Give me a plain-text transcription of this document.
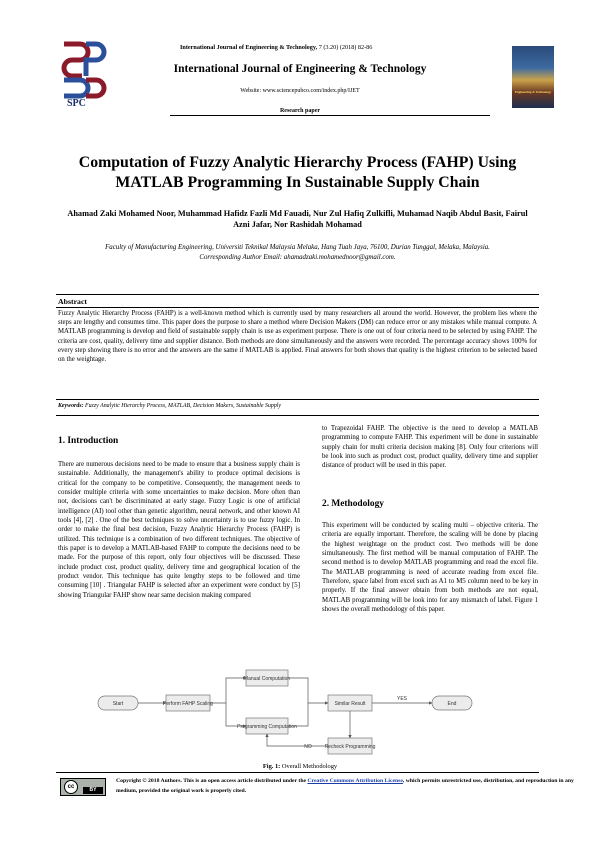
SPC
International Journal of Engineering & Technology, 7 (3.20) (2018) 82-86
International Journal of Engineering & Technology
Website: www.sciencepubco.com/index.php/IJET
Research paper
Engineering & Technology
Computation of Fuzzy Analytic Hierarchy Process (FAHP) Using MATLAB Programming In Sustainable Supply Chain
Ahamad Zaki Mohamed Noor, Muhammad Hafidz Fazli Md Fauadi, Nur Zul Hafiq Zulkifli, Muhamad Naqib Abdul Basit, Fairul Azni Jafar, Nor Rashidah Mohamad
Faculty of Manufacturing Engineering, Universiti Teknikal Malaysia Melaka, Hang Tuah Jaya, 76100, Durian Tunggal, Melaka, Malaysia.
Corresponding Author Email: ahamadzaki.mohamednoor@gmail.com.
Abstract
Fuzzy Analytic Hierarchy Process (FAHP) is a well-known method which is currently used by many researchers all around the world. However, the problem lies where the steps are lengthy and consumes time. This paper does the purpose to share a method where Decision Makers (DM) can reduce error or any mistakes while manual compute. A MATLAB programming is develop and field of sustainable supply chain is use as experiment purpose. There is one out of four criteria need to be selected by using FAHP. The criteria are cost, quality, delivery time and supplier distance. Both methods are done simultaneously and the answers were recorded. The percentage accuracy shows 100% for every step showing there is no error and the answers are the same if MATLAB is applied. Final answers for both shows that quality is the highest criterion to be selected based on the weightage.
Keywords: Fuzzy Analytic Hierarchy Process, MATLAB, Decision Makers, Sustainable Supply
1. Introduction
There are numerous decisions need to be made to ensure that a business supply chain is sustainable. Additionally, the management's ability to produce optimal decisions is critical for the company to be competitive. Consequently, the management needs to consider multiple criteria with some uncertainties to make decision. More often than not, decisions can't be discriminated at early stage. Fuzzy Logic is one of artificial intelligence (AI) tool other than genetic algorithm, neural network, and other known AI tools [4], [2] . One of the best techniques to solve uncertainty is to use fuzzy logic. In order to make the final best decision, Fuzzy Analytic Hierarchy Process (FAHP) is utilized. This technique is a combination of two different techniques. The objective of this paper is to develop a MATLAB-based FAHP to compute the decisions need to be made. For the purpose of this report, only four objectives will be discussed. These include product cost, product quality, delivery time and geographical location of the product vendor. This technique has quite lengthy steps to be followed and time consuming [10] . Triangular FAHP is selected after an experiment were conduct by [5] showing Triangular FAHP show near same decision making compared
to Trapezoidal FAHP. The objective is the need to develop a MATLAB programming to compute FAHP. This experiment will be done in sustainable supply chain for multi criteria decision making [8]. Only four criterions will be look into such as product cost, product quality, delivery time and supplier distance of product will be used in this paper.
2. Methodology
This experiment will be conducted by scaling multi – objective criteria. The criteria are equally important. Therefore, the scaling will be done by placing the highest weightage on the product cost. Two methods will be done simultaneously. The first method will be manual computation of FAHP. The second method is to develop MATLAB programming and read the excel file. The MATLAB programming is need of accurate reading from excel file. Therefore, space label from excel such as A1 to M5 column need to be key in properly. If the final answer obtain from both methods are not equal, MATLAB programming will be look into for any mismatch of label. Figure 1 shows the overall methodology of this paper.
Start	Perform FAHP Scaling
Manual Computation
Programming Computation
Similar Result	End
Recheck Programming
YES
NO
Fig. 1: Overall Methodology
cc	BY
Copyright © 2018 Authors. This is an open access article distributed under the Creative Commons Attribution License, which permits unrestricted use, distribution, and reproduction in any medium, provided the original work is properly cited.
